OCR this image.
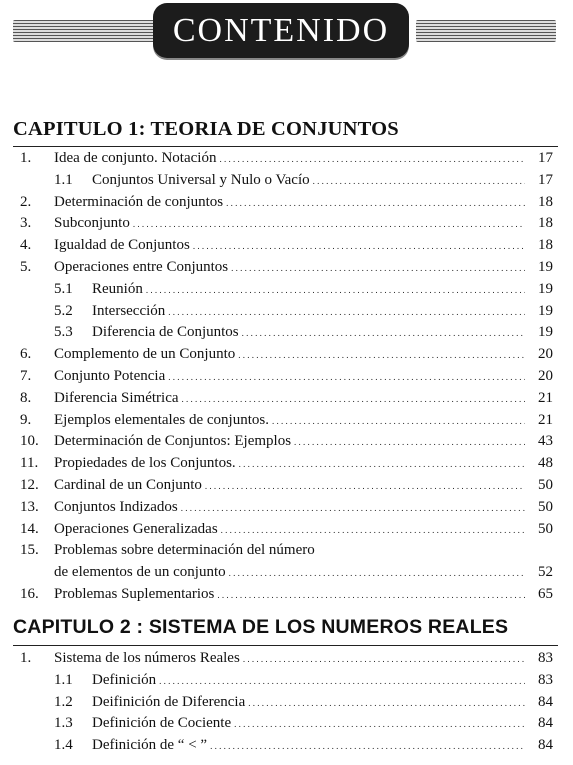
CONTENIDO
CAPITULO 1: TEORIA DE CONJUNTOS
1. Idea de conjunto. Notación . . .	17
1.1 Conjuntos Universal y Nulo o Vacío . . .	17
2. Determinación de conjuntos . . .	18
3. Subconjunto . . .	18
4. Igualdad de Conjuntos . . .	18
5. Operaciones entre Conjuntos . . .	19
5.1 Reunión . . .	19
5.2 Intersección . . .	19
5.3 Diferencia de Conjuntos . . .	19
6. Complemento de un Conjunto . . .	20
7. Conjunto Potencia . . .	20
8. Diferencia Simétrica . . .	21
9. Ejemplos elementales de conjuntos. . . .	21
10. Determinación de Conjuntos: Ejemplos . . .	43
11. Propiedades de los Conjuntos. . . .	48
12. Cardinal de un Conjunto . . .	50
13. Conjuntos Indizados . . .	50
14. Operaciones Generalizadas . . .	50
15. Problemas sobre determinación del número
de elementos de un conjunto . . .	52
16. Problemas Suplementarios . . .	65
CAPITULO 2 : SISTEMA DE LOS NUMEROS REALES
1. Sistema de los números Reales . . .	83
1.1 Definición . . .	83
1.2 Deifinición de Diferencia . . .	84
1.3 Definición de Cociente . . .	84
1.4 Definición de “ < ” . . .	84
